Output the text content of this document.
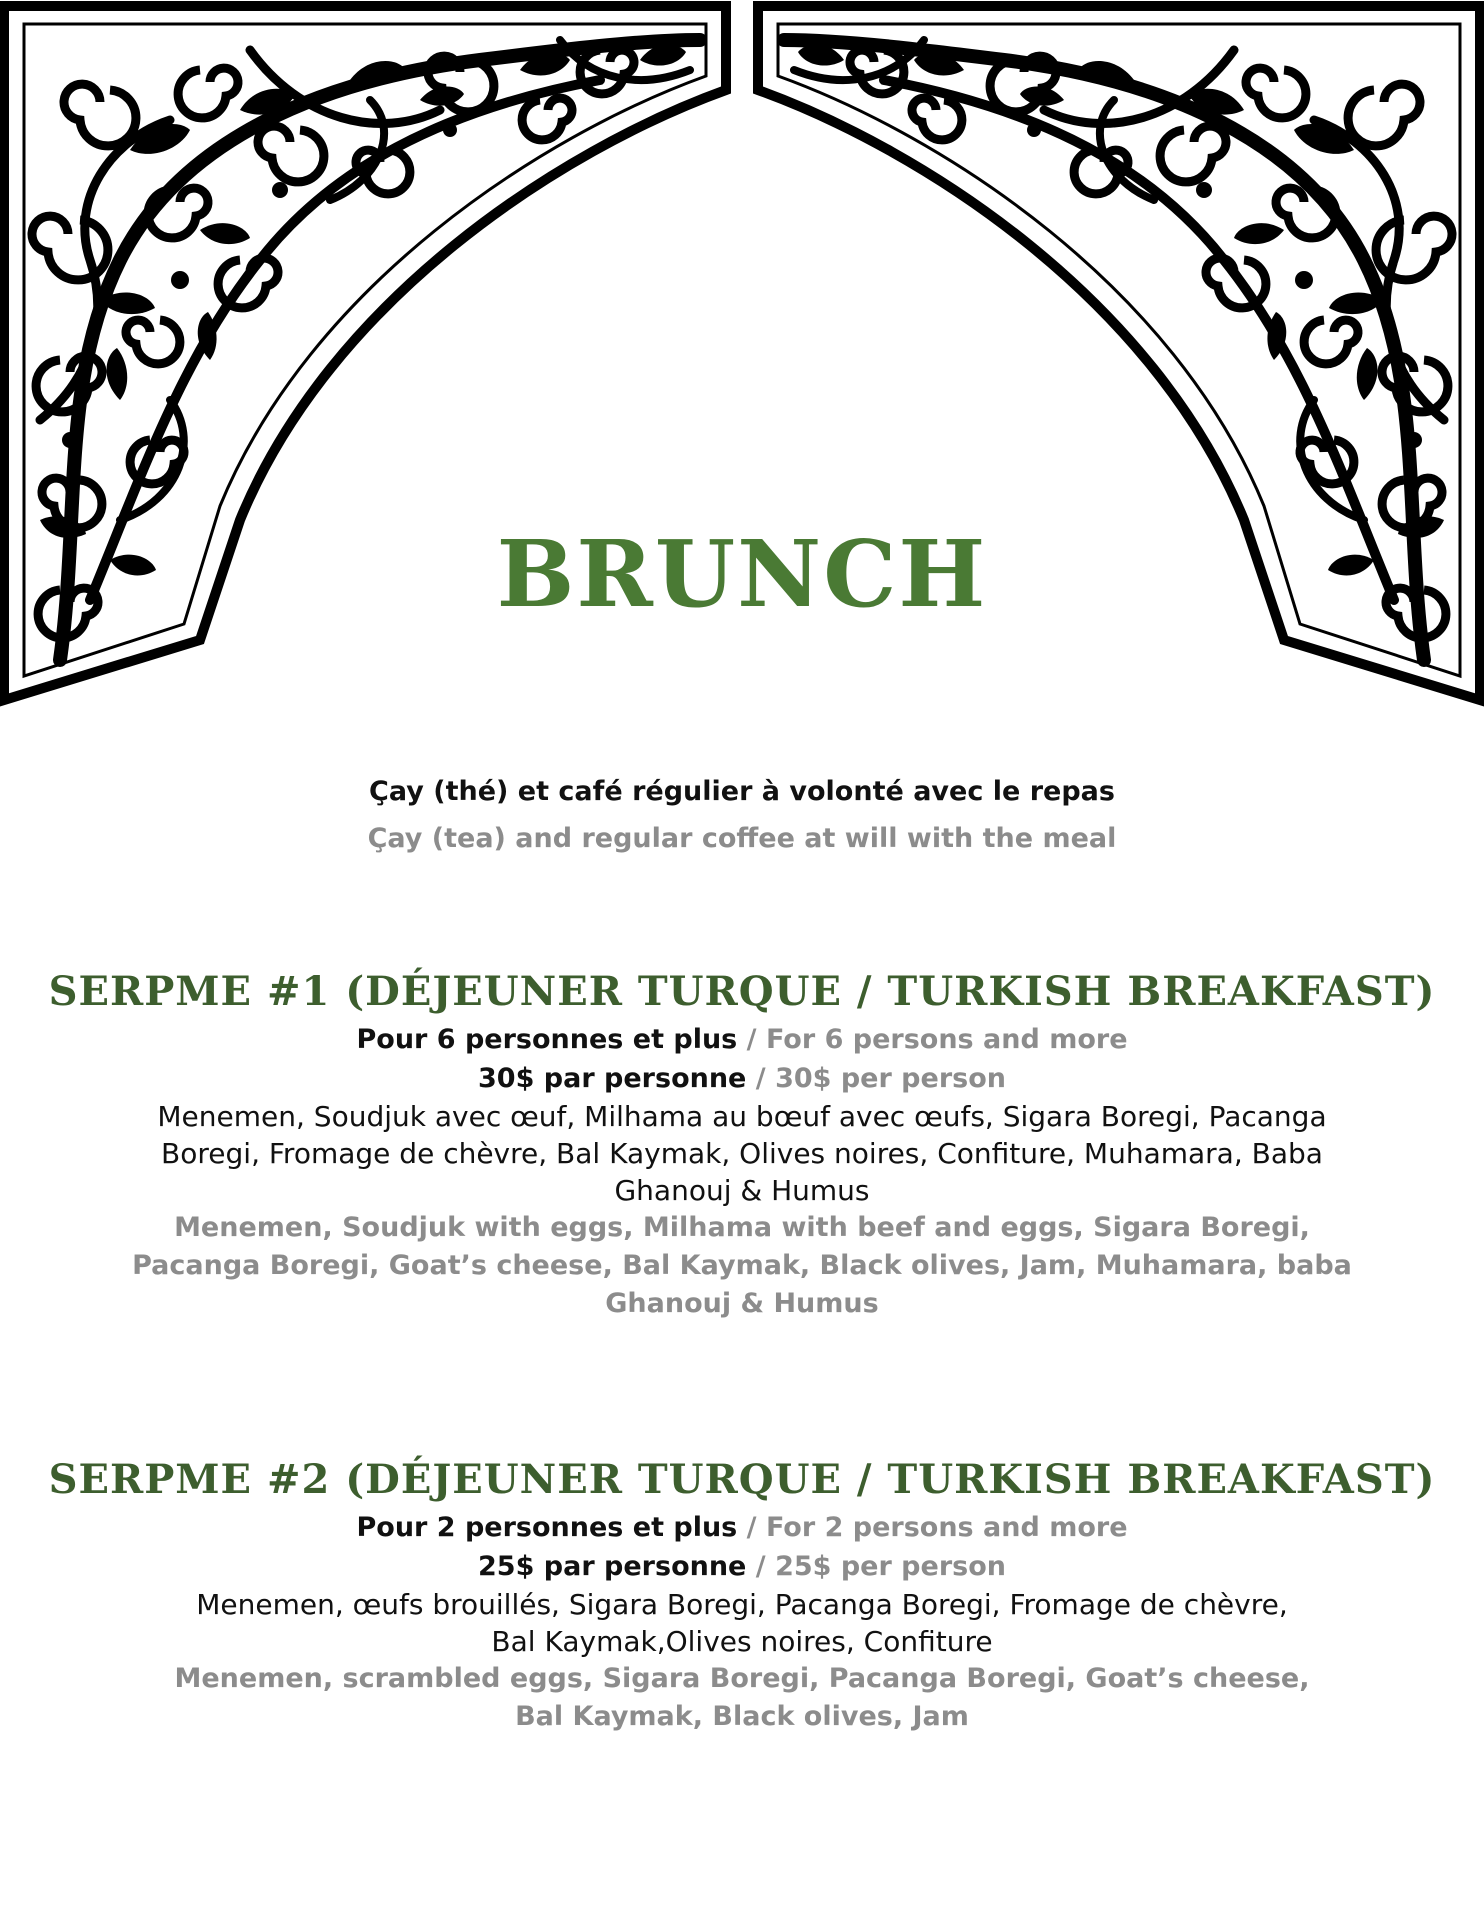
BRUNCH
Çay (thé) et café régulier à volonté avec le repas
Çay (tea) and regular coffee at will with the meal
SERPME #1 (DÉJEUNER TURQUE / TURKISH BREAKFAST)
Pour 6 personnes et plus / For 6 persons and more
30$ par personne / 30$ per person
Menemen, Soudjuk avec œuf, Milhama au bœuf avec œufs, Sigara Boregi, Pacanga Boregi, Fromage de chèvre, Bal Kaymak, Olives noires, Confiture, Muhamara, Baba Ghanouj & Humus
Menemen, Soudjuk with eggs, Milhama with beef and eggs, Sigara Boregi, Pacanga Boregi, Goat’s cheese, Bal Kaymak, Black olives, Jam, Muhamara, baba Ghanouj & Humus
SERPME #2 (DÉJEUNER TURQUE / TURKISH BREAKFAST)
Pour 2 personnes et plus / For 2 persons and more
25$ par personne / 25$ per person
Menemen, œufs brouillés, Sigara Boregi, Pacanga Boregi, Fromage de chèvre, Bal Kaymak,Olives noires, Confiture
Menemen, scrambled eggs, Sigara Boregi, Pacanga Boregi, Goat’s cheese, Bal Kaymak, Black olives, Jam
